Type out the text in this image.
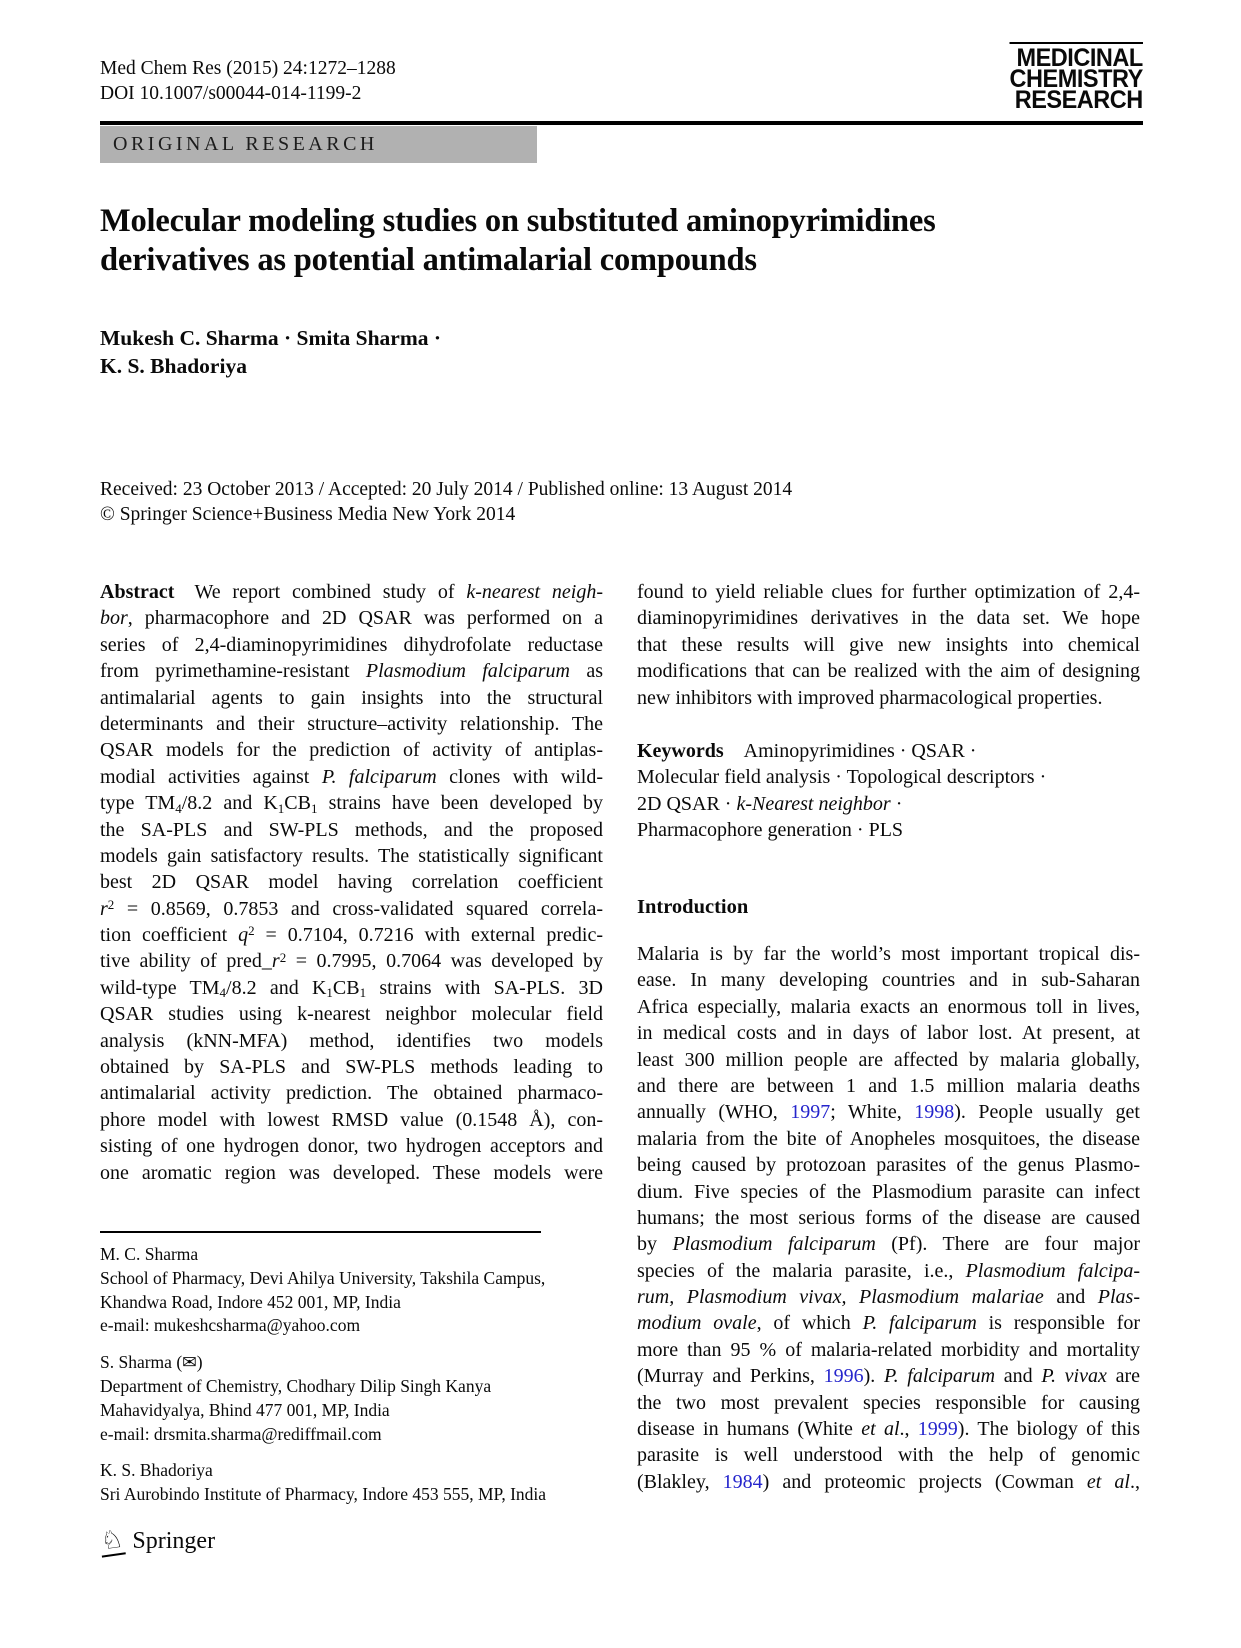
Med Chem Res (2015) 24:1272–1288
DOI 10.1007/s00044-014-1199-2
MEDICINAL
CHEMISTRY
RESEARCH
ORIGINAL RESEARCH
Molecular modeling studies on substituted aminopyrimidines
derivatives as potential antimalarial compounds
Mukesh C. Sharma · Smita Sharma ·
K. S. Bhadoriya
Received: 23 October 2013 / Accepted: 20 July 2014 / Published online: 13 August 2014
© Springer Science+Business Media New York 2014
Abstract  We report combined study of k-nearest neigh-
bor, pharmacophore and 2D QSAR was performed on a
series of 2,4-diaminopyrimidines dihydrofolate reductase
from pyrimethamine-resistant Plasmodium falciparum as
antimalarial agents to gain insights into the structural
determinants and their structure–activity relationship. The
QSAR models for the prediction of activity of antiplas-
modial activities against P. falciparum clones with wild-
type TM4/8.2 and K1CB1 strains have been developed by
the SA-PLS and SW-PLS methods, and the proposed
models gain satisfactory results. The statistically significant
best 2D QSAR model having correlation coefficient
$r^2 = 0.8569$, 0.7853 and cross-validated squared correla-
tion coefficient $q^2 = 0.7104$, 0.7216 with external predic-
tive ability of $pred\_r^2 = 0.7995$, 0.7064 was developed by
wild-type TM4/8.2 and K1CB1 strains with SA-PLS. 3D
QSAR studies using k-nearest neighbor molecular field
analysis (kNN-MFA) method, identifies two models
obtained by SA-PLS and SW-PLS methods leading to
antimalarial activity prediction. The obtained pharmaco-
phore model with lowest RMSD value (0.1548 Å), con-
sisting of one hydrogen donor, two hydrogen acceptors and
one aromatic region was developed. These models were
found to yield reliable clues for further optimization of 2,4-
diaminopyrimidines derivatives in the data set. We hope
that these results will give new insights into chemical
modifications that can be realized with the aim of designing
new inhibitors with improved pharmacological properties.
Keywords  Aminopyrimidines · QSAR ·
Molecular field analysis · Topological descriptors ·
2D QSAR · k-Nearest neighbor ·
Pharmacophore generation · PLS
Introduction
Malaria is by far the world’s most important tropical dis-
ease. In many developing countries and in sub-Saharan
Africa especially, malaria exacts an enormous toll in lives,
in medical costs and in days of labor lost. At present, at
least 300 million people are affected by malaria globally,
and there are between 1 and 1.5 million malaria deaths
annually (WHO, 1997; White, 1998). People usually get
malaria from the bite of Anopheles mosquitoes, the disease
being caused by protozoan parasites of the genus Plasmo-
dium. Five species of the Plasmodium parasite can infect
humans; the most serious forms of the disease are caused
by Plasmodium falciparum (Pf). There are four major
species of the malaria parasite, i.e., Plasmodium falcipa-
rum, Plasmodium vivax, Plasmodium malariae and Plas-
modium ovale, of which P. falciparum is responsible for
more than 95 % of malaria-related morbidity and mortality
(Murray and Perkins, 1996). P. falciparum and P. vivax are
the two most prevalent species responsible for causing
disease in humans (White et al., 1999). The biology of this
parasite is well understood with the help of genomic
(Blakley, 1984) and proteomic projects (Cowman et al.,
M. C. Sharma
School of Pharmacy, Devi Ahilya University, Takshila Campus,
Khandwa Road, Indore 452 001, MP, India
e-mail: mukeshcsharma@yahoo.com
S. Sharma (✉)
Department of Chemistry, Chodhary Dilip Singh Kanya
Mahavidyalya, Bhind 477 001, MP, India
e-mail: drsmita.sharma@rediffmail.com
K. S. Bhadoriya
Sri Aurobindo Institute of Pharmacy, Indore 453 555, MP, India
♘ Springer
